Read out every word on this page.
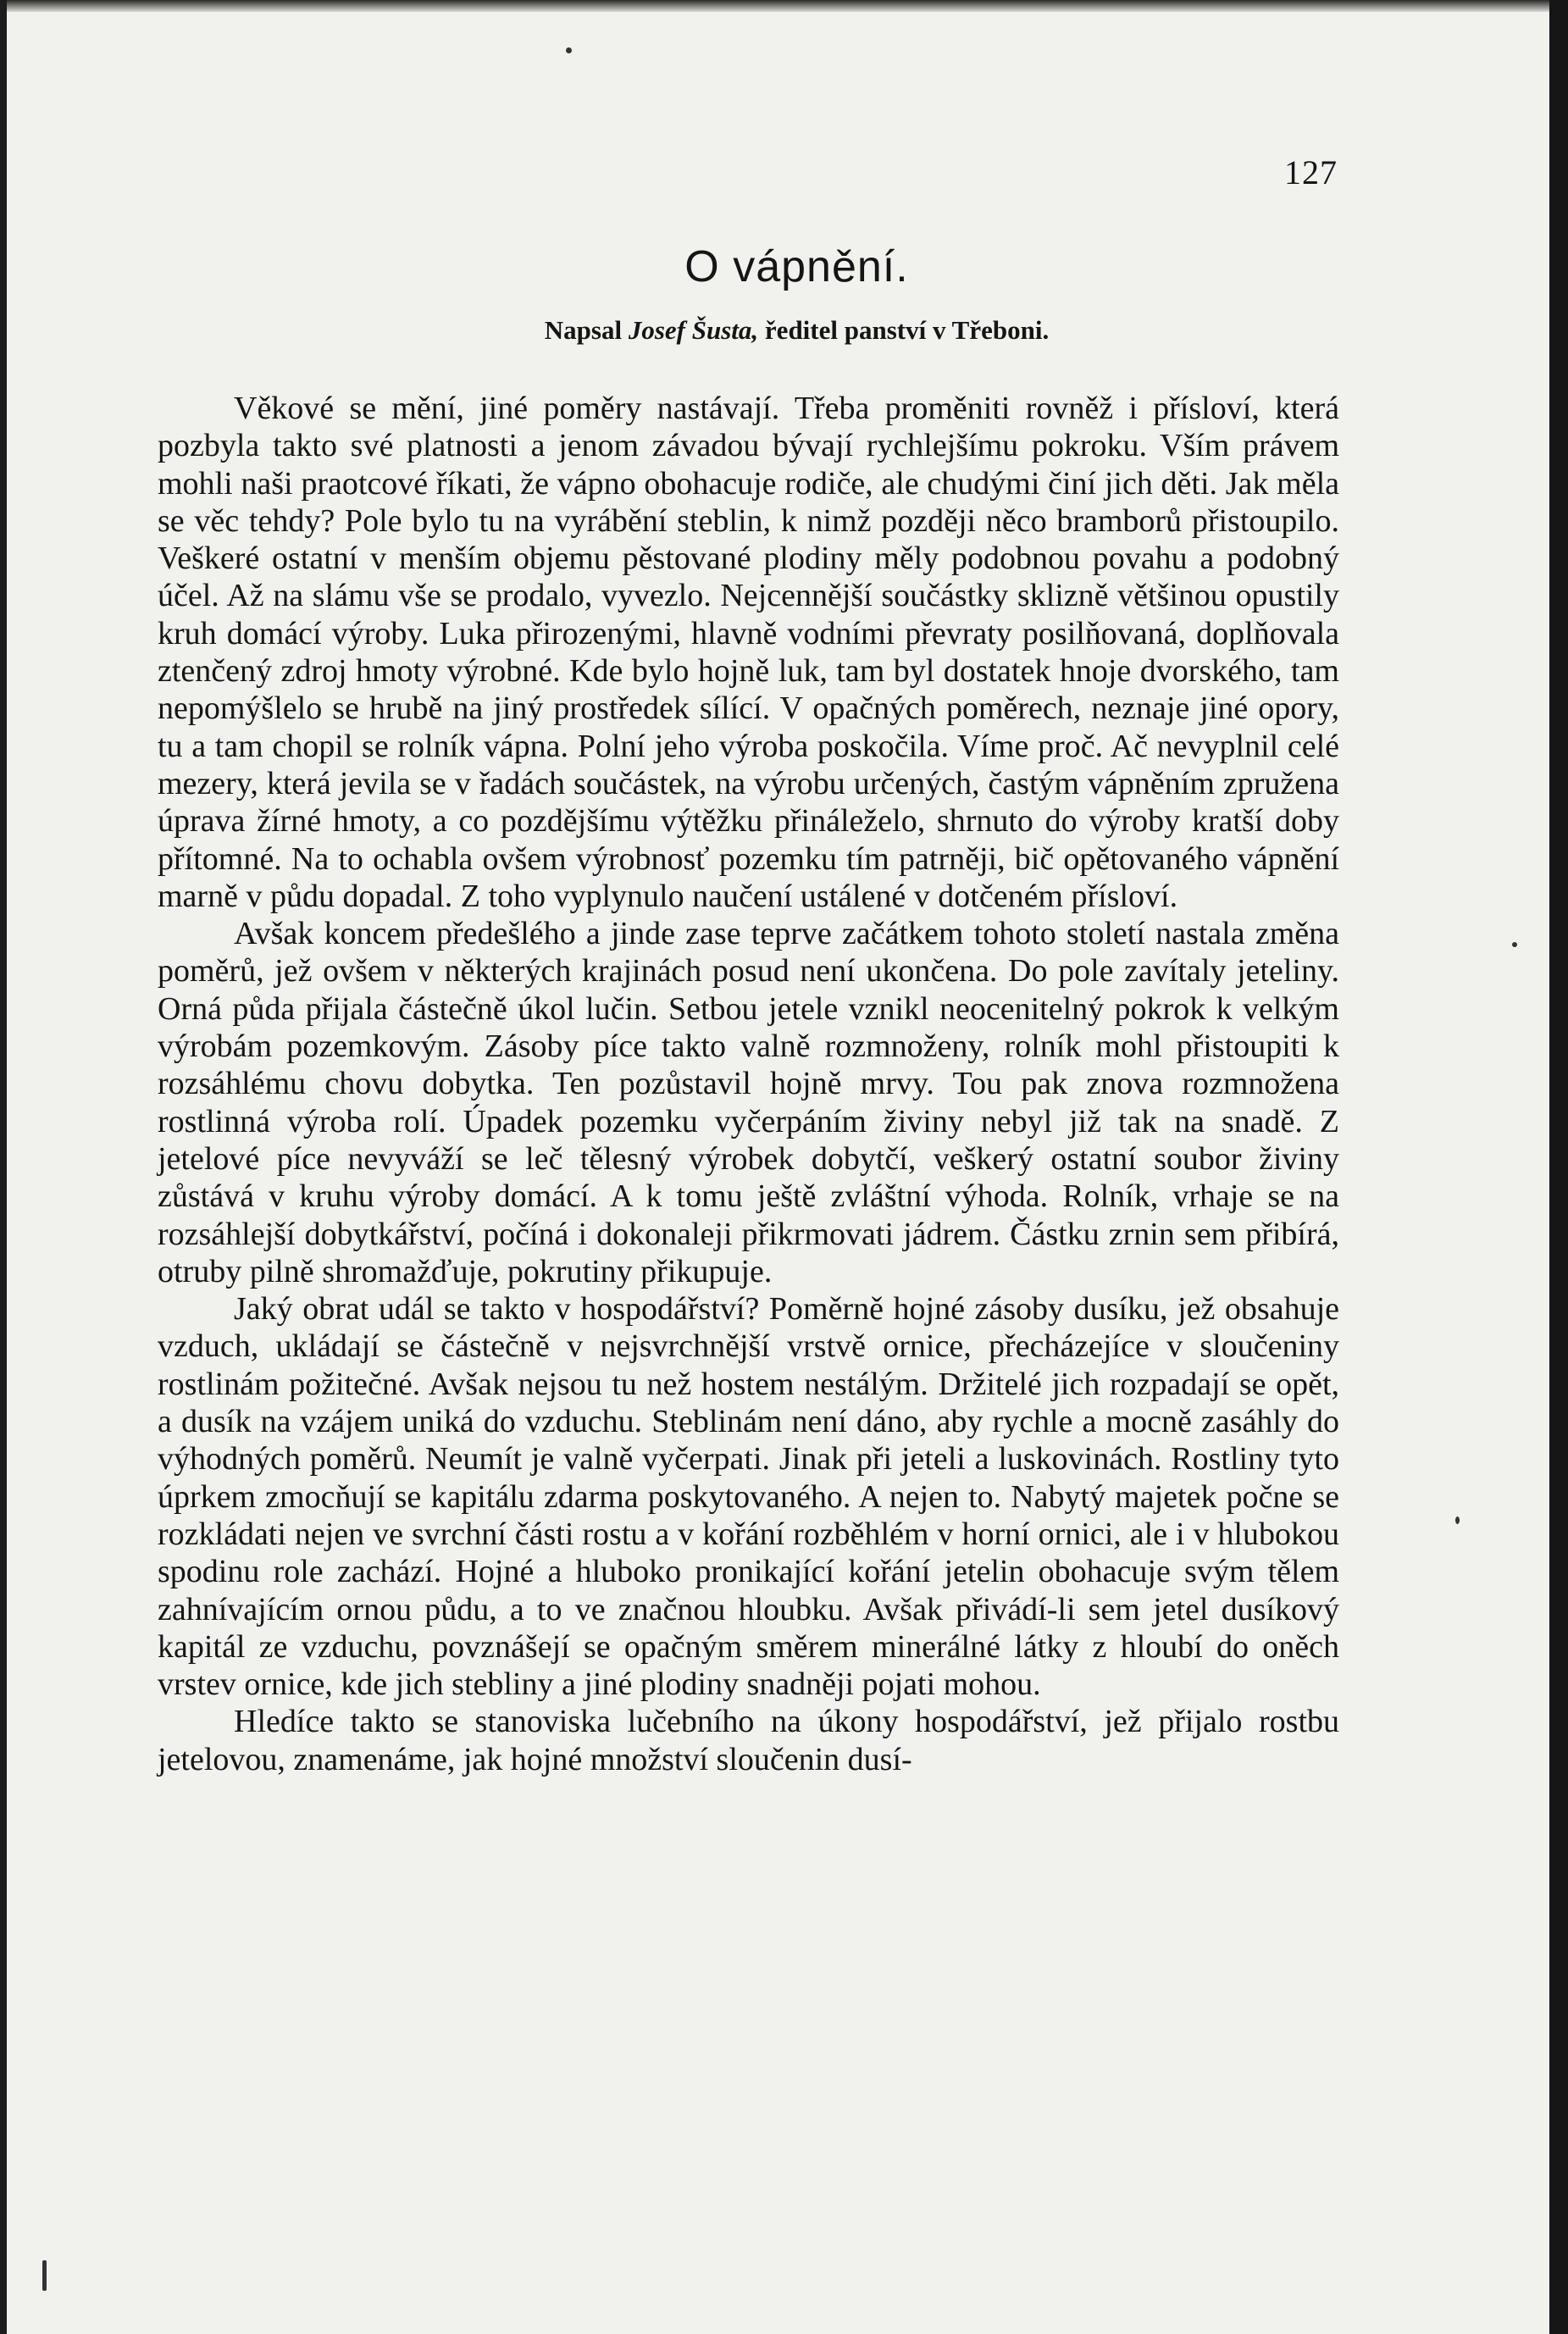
127
O vápnění.
Napsal Josef Šusta, ředitel panství v Třeboni.

Věkové se mění, jiné poměry nastávají. Třeba proměniti rovněž i přísloví, která pozbyla takto své platnosti a jenom závadou bývají rychlejšímu pokroku. Vším právem mohli naši praotcové říkati, že vápno obohacuje rodiče, ale chudými činí jich děti. Jak měla se věc tehdy? Pole bylo tu na vyrábění steblin, k nimž později něco bramborů přistoupilo. Veškeré ostatní v menším objemu pěstované plodiny měly podobnou povahu a podobný účel. Až na slámu vše se prodalo, vyvezlo. Nejcennější součástky sklizně většinou opustily kruh domácí výroby. Luka přirozenými, hlavně vodními převraty posilňovaná, doplňovala ztenčený zdroj hmoty výrobné. Kde bylo hojně luk, tam byl dostatek hnoje dvorského, tam nepomýšlelo se hrubě na jiný prostředek sílící. V opačných poměrech, neznaje jiné opory, tu a tam chopil se rolník vápna. Polní jeho výroba poskočila. Víme proč. Ač nevyplnil celé mezery, která jevila se v řadách součástek, na výrobu určených, častým vápněním zpružena úprava žírné hmoty, a co pozdějšímu výtěžku přináleželo, shrnuto do výroby kratší doby přítomné. Na to ochabla ovšem výrobnosť pozemku tím patrněji, bič opětovaného vápnění marně v půdu dopadal. Z toho vyplynulo naučení ustálené v dotčeném přísloví.

Avšak koncem předešlého a jinde zase teprve začátkem tohoto století nastala změna poměrů, jež ovšem v některých krajinách posud není ukončena. Do pole zavítaly jeteliny. Orná půda přijala částečně úkol lučin. Setbou jetele vznikl neocenitelný pokrok k velkým výrobám pozemkovým. Zásoby píce takto valně rozmnoženy, rolník mohl přistoupiti k rozsáhlému chovu dobytka. Ten pozůstavil hojně mrvy. Tou pak znova rozmnožena rostlinná výroba rolí. Úpadek pozemku vyčerpáním živiny nebyl již tak na snadě. Z jetelové píce nevyváží se leč tělesný výrobek dobytčí, veškerý ostatní soubor živiny zůstává v kruhu výroby domácí. A k tomu ještě zvláštní výhoda. Rolník, vrhaje se na rozsáhlejší dobytkářství, počíná i dokonaleji přikrmovati jádrem. Částku zrnin sem přibírá, otruby pilně shromažďuje, pokrutiny přikupuje.

Jaký obrat udál se takto v hospodářství? Poměrně hojné zásoby dusíku, jež obsahuje vzduch, ukládají se částečně v nejsvrchnější vrstvě ornice, přecházejíce v sloučeniny rostlinám požitečné. Avšak nejsou tu než hostem nestálým. Držitelé jich rozpadají se opět, a dusík na vzájem uniká do vzduchu. Steblinám není dáno, aby rychle a mocně zasáhly do výhodných poměrů. Neumít je valně vyčerpati. Jinak při jeteli a luskovinách. Rostliny tyto úprkem zmocňují se kapitálu zdarma poskytovaného. A nejen to. Nabytý majetek počne se rozkládati nejen ve svrchní části rostu a v kořání rozběhlém v horní ornici, ale i v hlubokou spodinu role zachází. Hojné a hluboko pronikající kořání jetelin obohacuje svým tělem zahnívajícím ornou půdu, a to ve značnou hloubku. Avšak přivádí-li sem jetel dusíkový kapitál ze vzduchu, povznášejí se opačným směrem minerálné látky z hloubí do oněch vrstev ornice, kde jich stebliny a jiné plodiny snadněji pojati mohou.

Hledíce takto se stanoviska lučebního na úkony hospodářství, jež přijalo rostbu jetelovou, znamenáme, jak hojné množství sloučenin dusí-
